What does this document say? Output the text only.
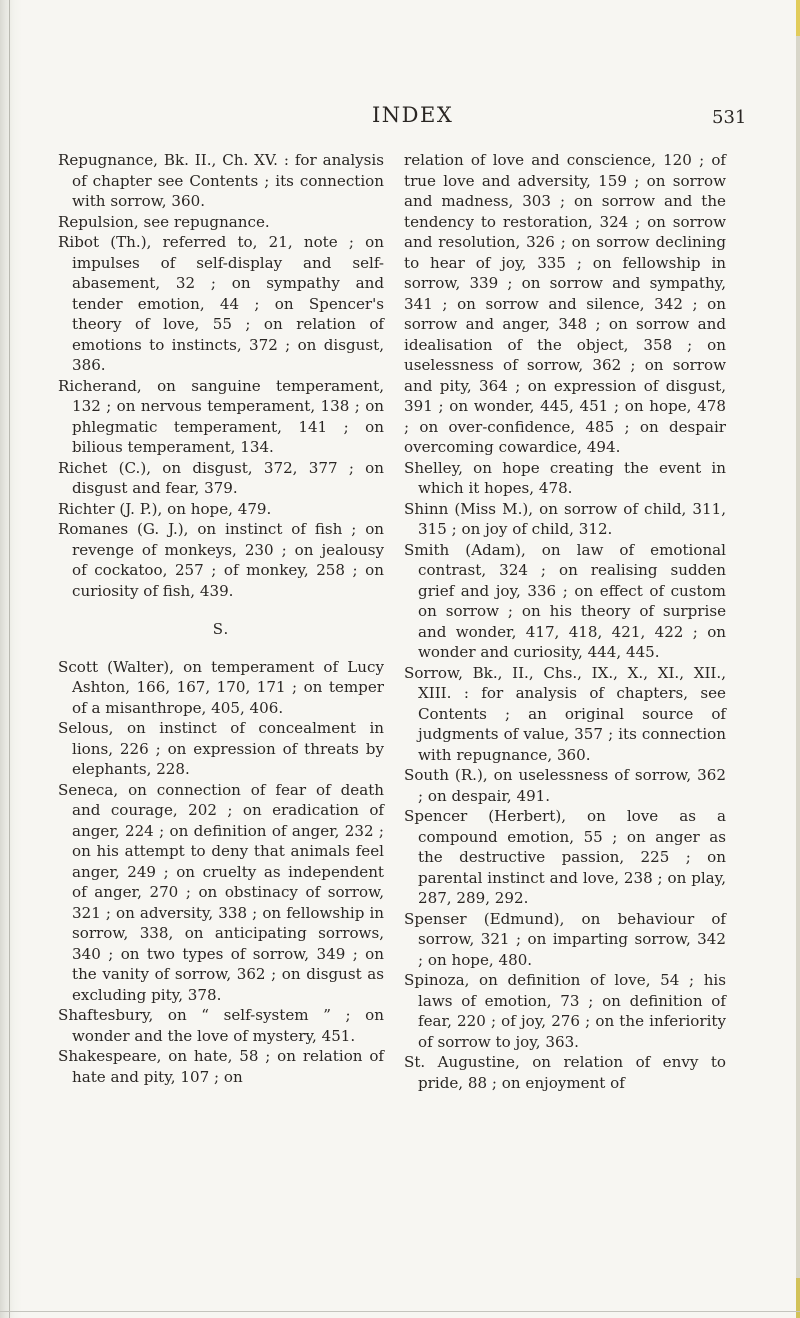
INDEX	531

Repugnance, Bk. II., Ch. XV. : for analysis of chapter see Contents ; its connection with sorrow, 360.

Repulsion, see repugnance.

Ribot (Th.), referred to, 21, note ; on impulses of self-display and self-abasement, 32 ; on sympathy and tender emotion, 44 ; on Spencer's theory of love, 55 ; on relation of emotions to instincts, 372 ; on disgust, 386.

Richerand, on sanguine temperament, 132 ; on nervous temperament, 138 ; on phlegmatic temperament, 141 ; on bilious temperament, 134.

Richet (C.), on disgust, 372, 377 ; on disgust and fear, 379.

Richter (J. P.), on hope, 479.

Romanes (G. J.), on instinct of fish ; on revenge of monkeys, 230 ; on jealousy of cockatoo, 257 ; of monkey, 258 ; on curiosity of fish, 439.

S.

Scott (Walter), on temperament of Lucy Ashton, 166, 167, 170, 171 ; on temper of a misanthrope, 405, 406.

Selous, on instinct of concealment in lions, 226 ; on expression of threats by elephants, 228.

Seneca, on connection of fear of death and courage, 202 ; on eradication of anger, 224 ; on definition of anger, 232 ; on his attempt to deny that animals feel anger, 249 ; on cruelty as independent of anger, 270 ; on obstinacy of sorrow, 321 ; on adversity, 338 ; on fellowship in sorrow, 338, on anticipating sorrows, 340 ; on two types of sorrow, 349 ; on the vanity of sorrow, 362 ; on disgust as excluding pity, 378.

Shaftesbury, on “ self-system ” ; on wonder and the love of mystery, 451.

Shakespeare, on hate, 58 ; on relation of hate and pity, 107 ; on

relation of love and conscience, 120 ; of true love and adversity, 159 ; on sorrow and madness, 303 ; on sorrow and the tendency to restoration, 324 ; on sorrow and resolution, 326 ; on sorrow declining to hear of joy, 335 ; on fellowship in sorrow, 339 ; on sorrow and sympathy, 341 ; on sorrow and silence, 342 ; on sorrow and anger, 348 ; on sorrow and idealisation of the object, 358 ; on uselessness of sorrow, 362 ; on sorrow and pity, 364 ; on expression of disgust, 391 ; on wonder, 445, 451 ; on hope, 478 ; on over-confidence, 485 ; on despair overcoming cowardice, 494.

Shelley, on hope creating the event in which it hopes, 478.

Shinn (Miss M.), on sorrow of child, 311, 315 ; on joy of child, 312.

Smith (Adam), on law of emotional contrast, 324 ; on realising sudden grief and joy, 336 ; on effect of custom on sorrow ; on his theory of surprise and wonder, 417, 418, 421, 422 ; on wonder and curiosity, 444, 445.

Sorrow, Bk., II., Chs., IX., X., XI., XII., XIII. : for analysis of chapters, see Contents ; an original source of judgments of value, 357 ; its connection with repugnance, 360.

South (R.), on uselessness of sorrow, 362 ; on despair, 491.

Spencer (Herbert), on love as a compound emotion, 55 ; on anger as the destructive passion, 225 ; on parental instinct and love, 238 ; on play, 287, 289, 292.

Spenser (Edmund), on behaviour of sorrow, 321 ; on imparting sorrow, 342 ; on hope, 480.

Spinoza, on definition of love, 54 ; his laws of emotion, 73 ; on definition of fear, 220 ; of joy, 276 ; on the inferiority of sorrow to joy, 363.

St. Augustine, on relation of envy to pride, 88 ; on enjoyment of
